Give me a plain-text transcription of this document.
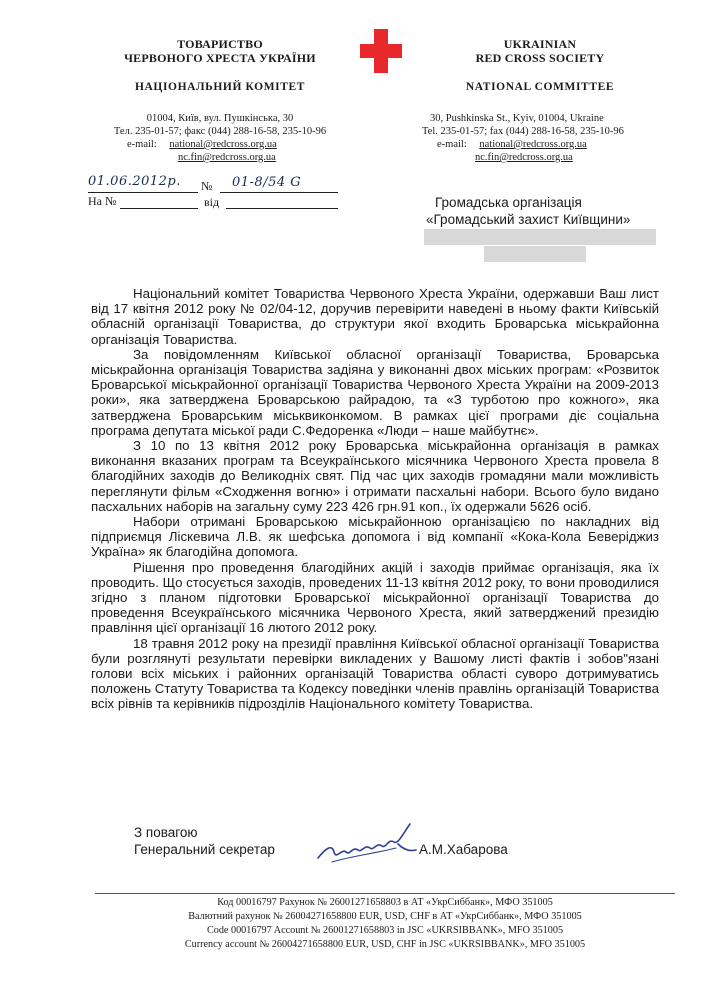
ТОВАРИСТВО
ЧЕРВОНОГО ХРЕСТА УКРАЇНИ
НАЦІОНАЛЬНИЙ КОМІТЕТ
01004, Київ, вул. Пушкінська, 30
Тел. 235-01-57; факс (044) 288-16-58, 235-10-96
e-mail: national@redcross.org.ua
nc.fin@redcross.org.ua
UKRAINIAN
RED CROSS SOCIETY
NATIONAL COMMITTEE
30, Pushkinska St., Kyiv, 01004, Ukraine
Tel. 235-01-57; fax (044) 288-16-58, 235-10-96
e-mail: national@redcross.org.ua
nc.fin@redcross.org.ua
01.06.2012р. № 01-8/54 G
На №	від	Громадська організація
«Громадський захист Київщини»

Національний комітет Товариства Червоного Хреста України, одержавши Ваш лист від 17 квітня 2012 року № 02/04-12, доручив перевірити наведені в ньому факти Київській обласній організації Товариства, до структури якої входить Броварська міськрайонна організація Товариства.

За повідомленням Київської обласної організації Товариства, Броварська міськрайонна організація Товариства задіяна у виконанні двох міських програм: «Розвиток Броварської міськрайонної організації Товариства Червоного Хреста України на 2009-2013 роки», яка затверджена Броварською райрадою, та «З турботою про кожного», яка затверджена Броварським міськвиконкомом. В рамках цієї програми діє соціальна програма депутата міської ради С.Федоренка «Люди – наше майбутнє».

З 10 по 13 квітня 2012 року Броварська міськрайонна організація в рамках виконання вказаних програм та Всеукраїнського місячника Червоного Хреста провела 8 благодійних заходів до Великодніх свят. Під час цих заходів громадяни мали можливість переглянути фільм «Сходження вогню» і отримати пасхальні набори. Всього було видано пасхальних наборів на загальну суму 223 426 грн.91 коп., їх одержали 5626 осіб.

Набори отримані Броварською міськрайонною організацією по накладних від підприємця Ліскевича Л.В. як шефська допомога і від компанії «Кока-Кола Беверіджиз Україна» як благодійна допомога.

Рішення про проведення благодійних акцій і заходів приймає організація, яка їх проводить. Що стосується заходів, проведених 11-13 квітня 2012 року, то вони проводилися згідно з планом підготовки Броварської міськрайонної організації Товариства до проведення Всеукраїнського місячника Червоного Хреста, який затверджений президію правління цієї організації 16 лютого 2012 року.

18 травня 2012 року на президії правління Київської обласної організації Товариства були розглянуті результати перевірки викладених у Вашому листі фактів і зобов"язані голови всіх міських і районних організацій Товариства області суворо дотримуватись положень Статуту Товариства та Кодексу поведінки членів правлінь організацій Товариства всіх рівнів та керівників підрозділів Національного комітету Товариства.

З повагою
Генеральний секретар	А.М.Хабарова
Код 00016797 Рахунок № 26001271658803 в АТ «УкрСиббанк», МФО 351005
Валютний рахунок № 26004271658800 EUR, USD, CHF в АТ «УкрСиббанк», МФО 351005
Code 00016797 Account № 26001271658803 in JSC «UKRSIBBANK», MFO 351005
Currency account № 26004271658800 EUR, USD, CHF in JSC «UKRSIBBANK», MFO 351005
